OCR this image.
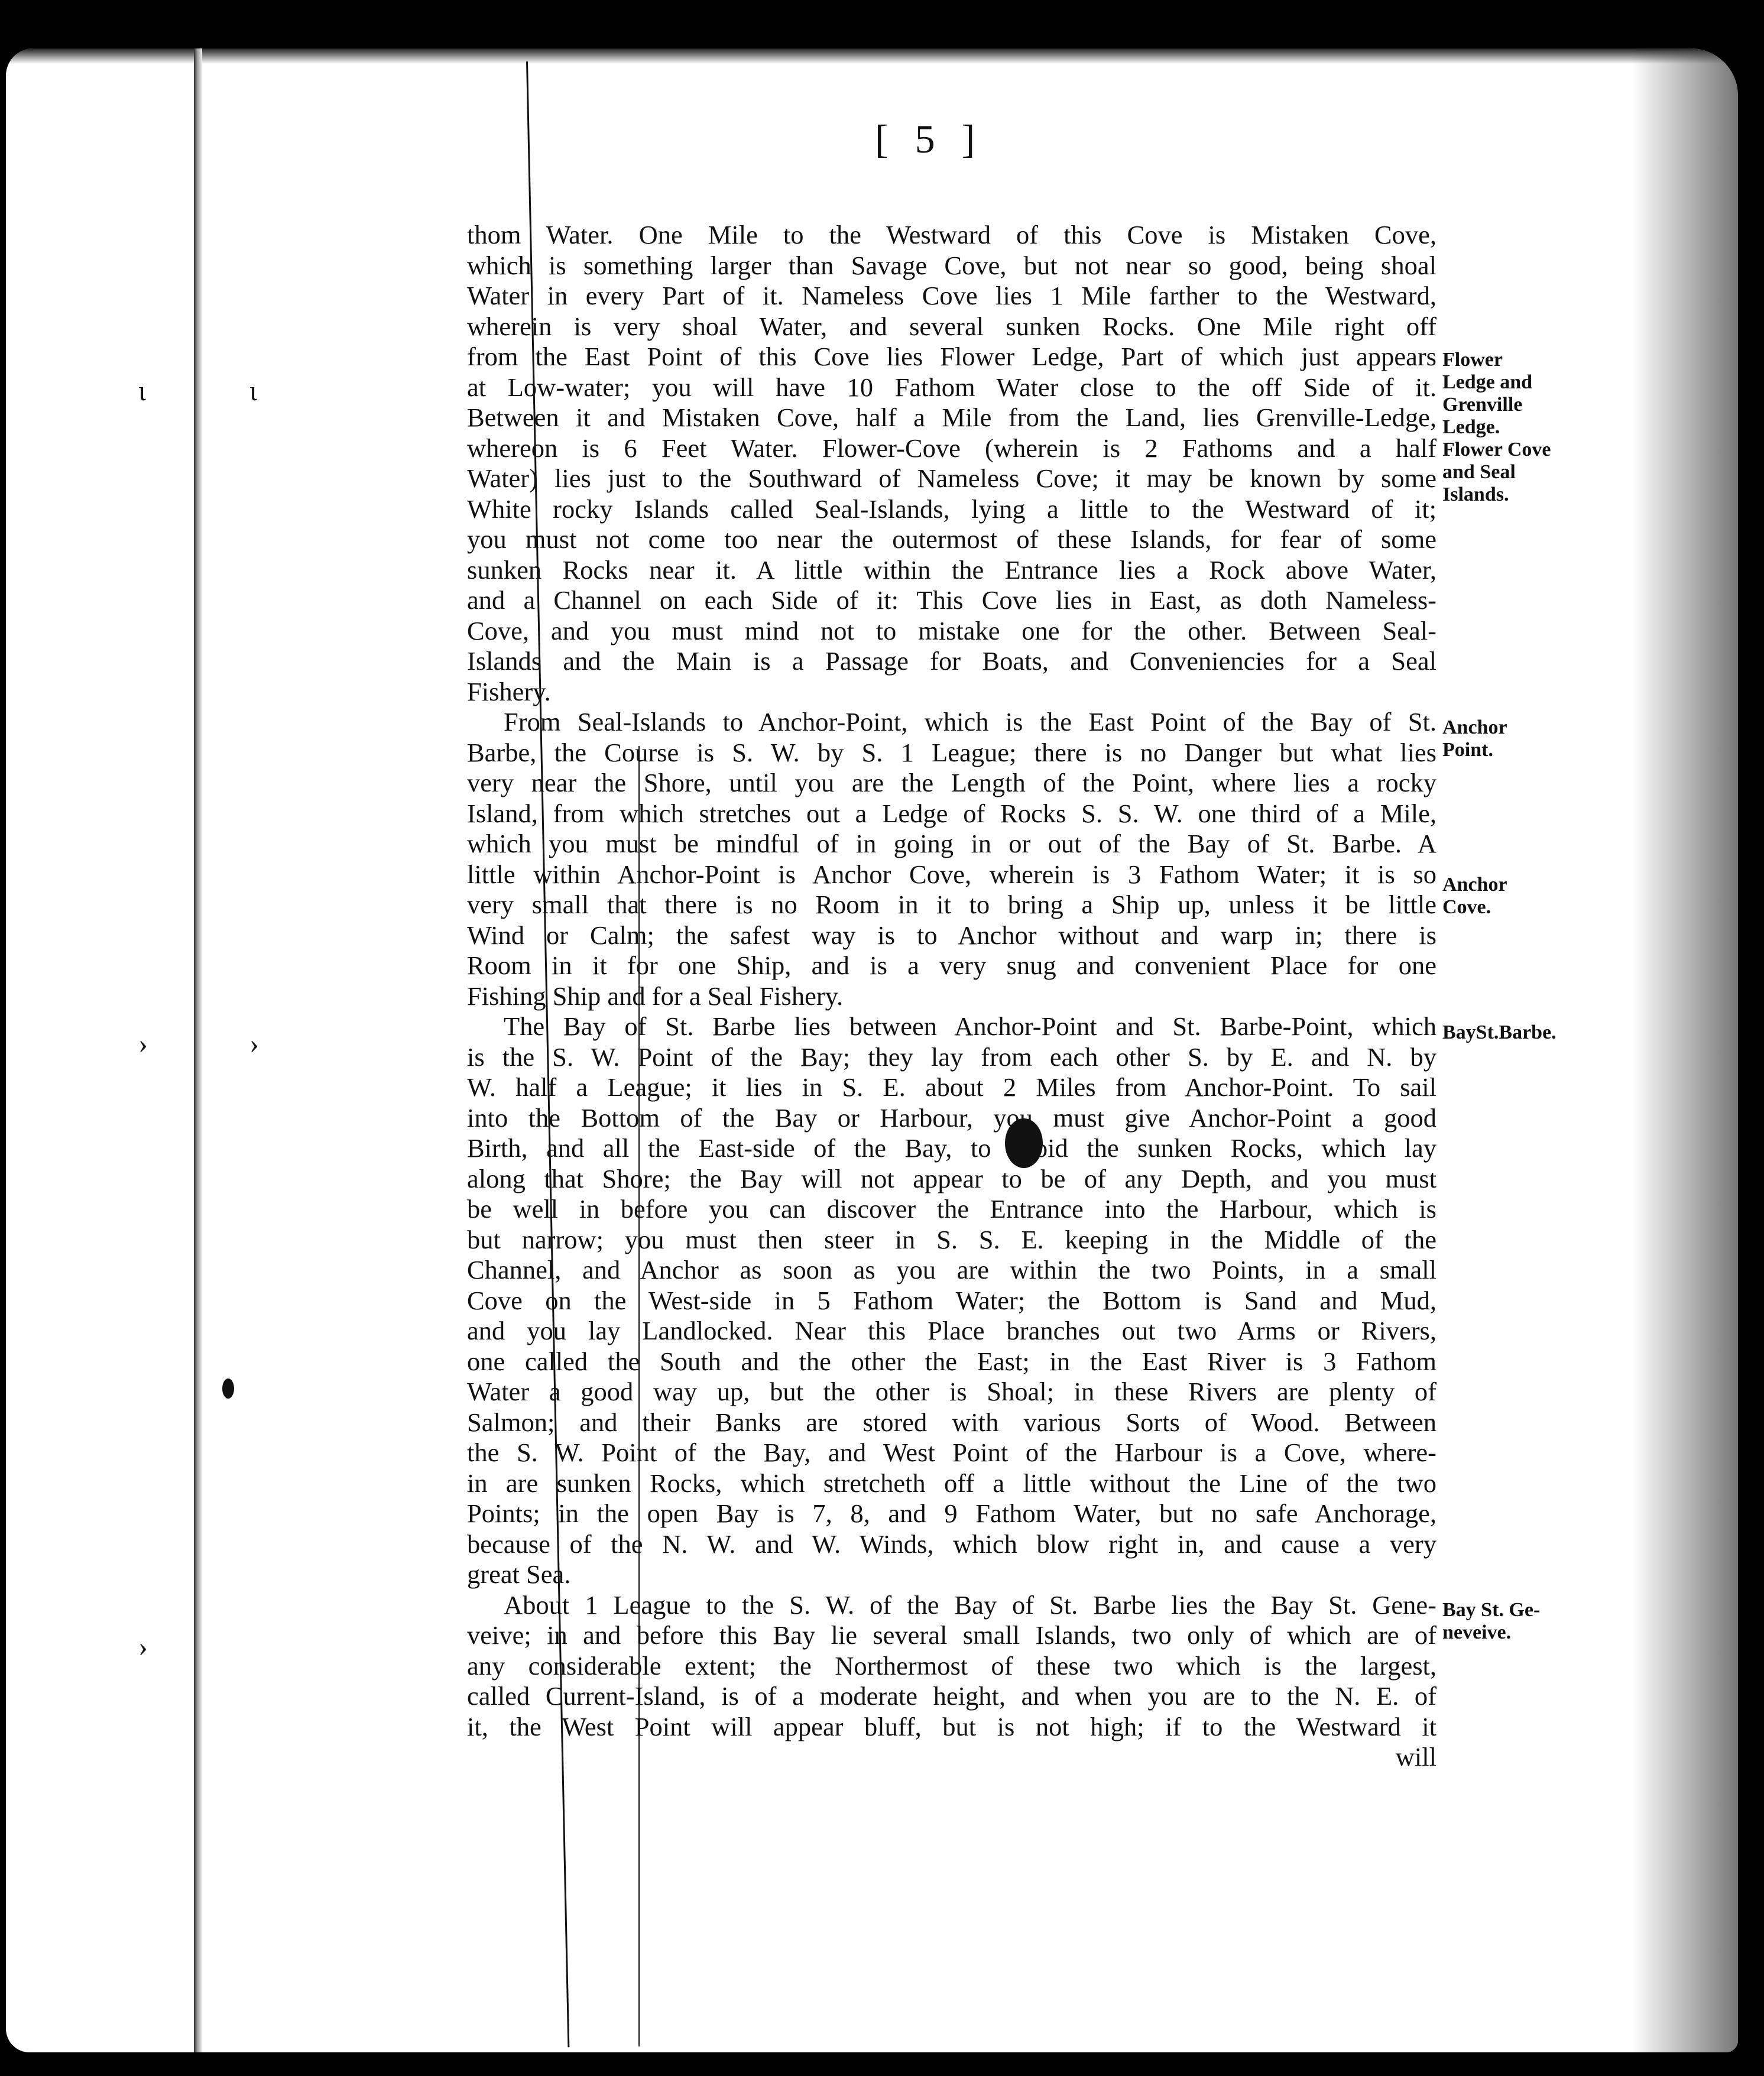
ɩ	ɩ
›	›
›
[ 5 ]
thom Water. One Mile to the Westward of this Cove is Mistaken Cove,
which is something larger than Savage Cove, but not near so good, being shoal
Water in every Part of it. Nameless Cove lies 1 Mile farther to the Westward,
wherein is very shoal Water, and several sunken Rocks. One Mile right off
from the East Point of this Cove lies Flower Ledge, Part of which just appears
at Low-water; you will have 10 Fathom Water close to the off Side of it.
Between it and Mistaken Cove, half a Mile from the Land, lies Grenville-Ledge,
whereon is 6 Feet Water. Flower-Cove (wherein is 2 Fathoms and a half
Water) lies just to the Southward of Nameless Cove; it may be known by some
White rocky Islands called Seal-Islands, lying a little to the Westward of it;
you must not come too near the outermost of these Islands, for fear of some
sunken Rocks near it. A little within the Entrance lies a Rock above Water,
and a Channel on each Side of it: This Cove lies in East, as doth Nameless-
Cove, and you must mind not to mistake one for the other. Between Seal-
Islands and the Main is a Passage for Boats, and Conveniencies for a Seal
Fishery.
From Seal-Islands to Anchor-Point, which is the East Point of the Bay of St.
Barbe, the Course is S. W. by S. 1 League; there is no Danger but what lies
very near the Shore, until you are the Length of the Point, where lies a rocky
Island, from which stretches out a Ledge of Rocks S. S. W. one third of a Mile,
which you must be mindful of in going in or out of the Bay of St. Barbe. A
little within Anchor-Point is Anchor Cove, wherein is 3 Fathom Water; it is so
very small that there is no Room in it to bring a Ship up, unless it be little
Wind or Calm; the safest way is to Anchor without and warp in; there is
Room in it for one Ship, and is a very snug and convenient Place for one
Fishing Ship and for a Seal Fishery.
The Bay of St. Barbe lies between Anchor-Point and St. Barbe-Point, which
is the S. W. Point of the Bay; they lay from each other S. by E. and N. by
W. half a League; it lies in S. E. about 2 Miles from Anchor-Point. To sail
into the Bottom of the Bay or Harbour, you must give Anchor-Point a good
Birth, and all the East-side of the Bay, to avoid the sunken Rocks, which lay
along that Shore; the Bay will not appear to be of any Depth, and you must
be well in before you can discover the Entrance into the Harbour, which is
but narrow; you must then steer in S. S. E. keeping in the Middle of the
Channel, and Anchor as soon as you are within the two Points, in a small
Cove on the West-side in 5 Fathom Water; the Bottom is Sand and Mud,
and you lay Landlocked. Near this Place branches out two Arms or Rivers,
one called the South and the other the East; in the East River is 3 Fathom
Water a good way up, but the other is Shoal; in these Rivers are plenty of
Salmon; and their Banks are stored with various Sorts of Wood. Between
the S. W. Point of the Bay, and West Point of the Harbour is a Cove, where-
in are sunken Rocks, which stretcheth off a little without the Line of the two
Points; in the open Bay is 7, 8, and 9 Fathom Water, but no safe Anchorage,
because of the N. W. and W. Winds, which blow right in, and cause a very
great Sea.
About 1 League to the S. W. of the Bay of St. Barbe lies the Bay St. Gene-
veive; in and before this Bay lie several small Islands, two only of which are of
any considerable extent; the Northermost of these two which is the largest,
called Current-Island, is of a moderate height, and when you are to the N. E. of
it, the West Point will appear bluff, but is not high; if to the Westward it
will
Flower
Ledge and
Grenville
Ledge.
Flower Cove
and Seal
Islands.
Anchor
Point.
Anchor
Cove.
BaySt.Barbe.
Bay St. Ge-
neveive.
